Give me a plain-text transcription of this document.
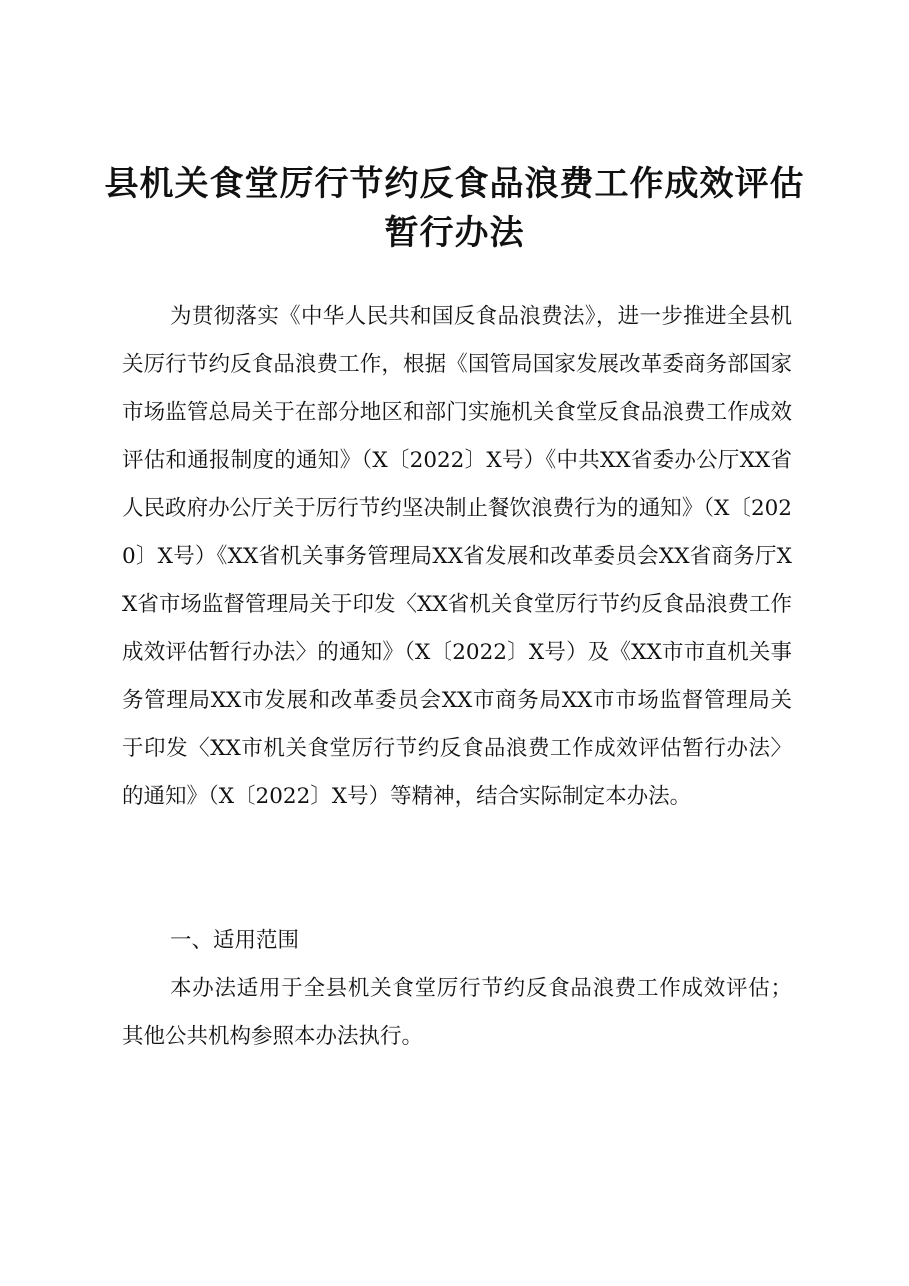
县机关食堂厉行节约反食品浪费工作成效评估
暂行办法

为贯彻落实《中华人民共和国反食品浪费法》，进一步推进全县机关厉行节约反食品浪费工作，根据《国管局国家发展改革委商务部国家市场监管总局关于在部分地区和部门实施机关食堂反食品浪费工作成效评估和通报制度的通知》（X〔2022〕X号）《中共XX省委办公厅XX省人民政府办公厅关于厉行节约坚决制止餐饮浪费行为的通知》（X〔2020〕X号）《XX省机关事务管理局XX省发展和改革委员会XX省商务厅XX省市场监督管理局关于印发〈XX省机关食堂厉行节约反食品浪费工作成效评估暂行办法〉的通知》（X〔2022〕X号）及《XX市市直机关事务管理局XX市发展和改革委员会XX市商务局XX市市场监督管理局关于印发〈XX市机关食堂厉行节约反食品浪费工作成效评估暂行办法〉的通知》（X〔2022〕X号）等精神，结合实际制定本办法。

一、适用范围

本办法适用于全县机关食堂厉行节约反食品浪费工作成效评估；其他公共机构参照本办法执行。
